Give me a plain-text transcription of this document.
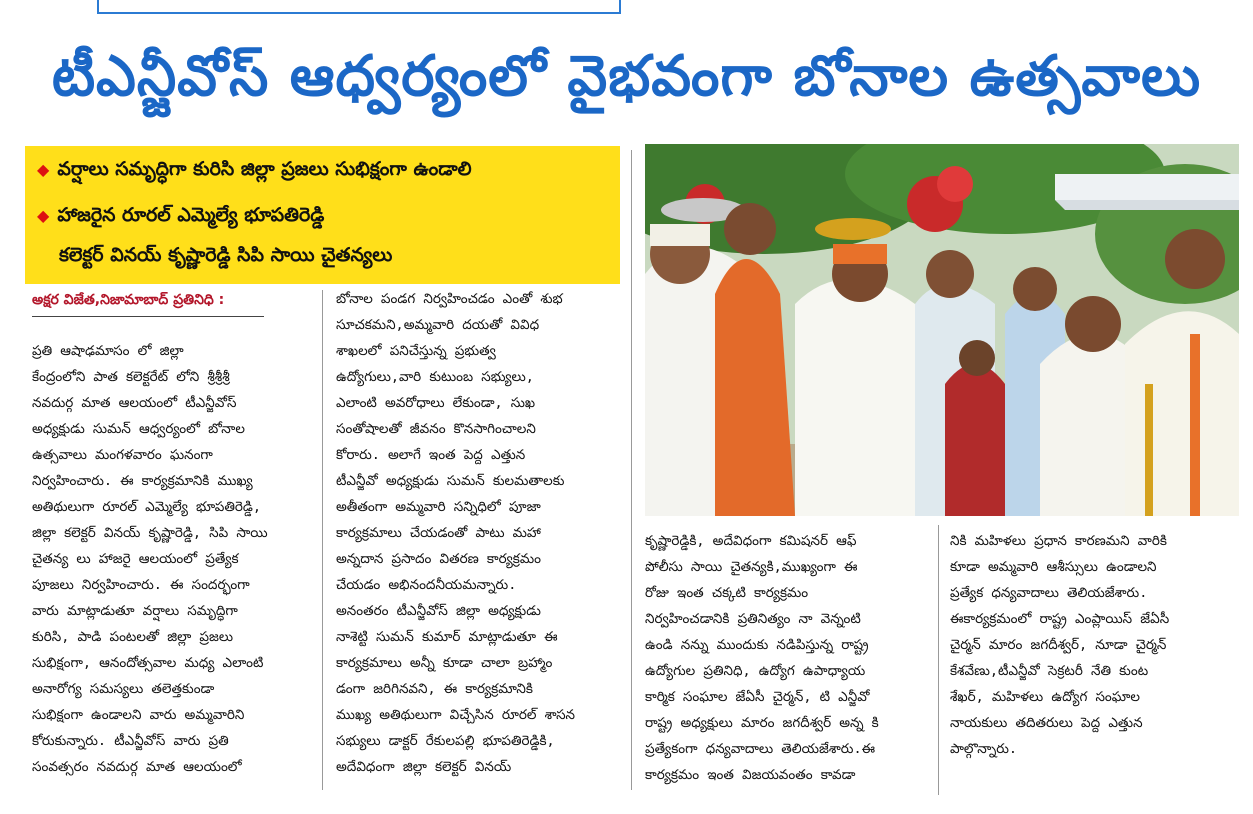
టీఎన్జీవోస్ ఆధ్వర్యంలో వైభవంగా బోనాల ఉత్సవాలు
◆ వర్షాలు సమృద్ధిగా కురిసి జిల్లా ప్రజలు సుభిక్షంగా ఉండాలి
◆ హాజరైన రూరల్ ఎమ్మెల్యే భూపతిరెడ్డి
కలెక్టర్ వినయ్ కృష్ణారెడ్డి సిపి సాయి చైతన్యలు
అక్షర విజేత,నిజామాబాద్ ప్రతినిధి :
ప్రతి ఆషాఢమాసం లో జిల్లా
కేంద్రంలోని పాత కలెక్టరేట్ లోని శ్రీశ్రీశ్రీ
నవదుర్గ మాత ఆలయంలో టీఎన్జీవోస్
అధ్యక్షుడు సుమన్ ఆధ్వర్యంలో బోనాల
ఉత్సవాలు మంగళవారం ఘనంగా
నిర్వహించారు. ఈ కార్యక్రమానికి ముఖ్య
అతిథులుగా రూరల్ ఎమ్మెల్యే భూపతిరెడ్డి,
జిల్లా కలెక్టర్ వినయ్ కృష్ణారెడ్డి, సిపి సాయి
చైతన్య లు హాజరై ఆలయంలో ప్రత్యేక
పూజలు నిర్వహించారు. ఈ సందర్భంగా
వారు మాట్లాడుతూ వర్షాలు సమృద్ధిగా
కురిసి, పాడి పంటలతో జిల్లా ప్రజలు
సుభిక్షంగా, ఆనందోత్సవాల మధ్య ఎలాంటి
అనారోగ్య సమస్యలు తలెత్తకుండా
సుభిక్షంగా ఉండాలని వారు అమ్మవారిని
కోరుకున్నారు. టీఎన్జీవోస్ వారు ప్రతి
సంవత్సరం నవదుర్గ మాత ఆలయంలో
బోనాల పండగ నిర్వహించడం ఎంతో శుభ
సూచకమని,అమ్మవారి దయతో వివిధ
శాఖలలో పనిచేస్తున్న ప్రభుత్వ
ఉద్యోగులు,వారి కుటుంబ సభ్యులు,
ఎలాంటి అవరోధాలు లేకుండా, సుఖ
సంతోషాలతో జీవనం కొనసాగించాలని
కోరారు. అలాగే ఇంత పెద్ద ఎత్తున
టీఎన్జీవో అధ్యక్షుడు సుమన్ కులమతాలకు
అతీతంగా అమ్మవారి సన్నిధిలో పూజా
కార్యక్రమాలు చేయడంతో పాటు మహా
అన్నదాన ప్రసాదం వితరణ కార్యక్రమం
చేయడం అభినందనీయమన్నారు.
అనంతరం టీఎన్జీవోస్ జిల్లా అధ్యక్షుడు
నాశెట్టి సుమన్ కుమార్ మాట్లాడుతూ ఈ
కార్యక్రమాలు అన్నీ కూడా చాలా బ్రహ్మాం
డంగా జరిగినవని, ఈ కార్యక్రమానికి
ముఖ్య అతిథులుగా విచ్చేసిన రూరల్ శాసన
సభ్యులు డాక్టర్ రేకులపల్లి భూపతిరెడ్డికి,
అదేవిధంగా జిల్లా కలెక్టర్ వినయ్
కృష్ణారెడ్డికి, అదేవిధంగా కమిషనర్ ఆఫ్
పోలీసు సాయి చైతన్యకి,ముఖ్యంగా ఈ
రోజు ఇంత చక్కటి కార్యక్రమం
నిర్వహించడానికి ప్రతినిత్యం నా వెన్నంటి
ఉండి నన్ను ముందుకు నడిపిస్తున్న రాష్ట్ర
ఉద్యోగుల ప్రతినిధి, ఉద్యోగ ఉపాధ్యాయ
కార్మిక సంఘాల జేఏసీ చైర్మన్, టి ఎన్జీవో
రాష్ట్ర అధ్యక్షులు మారం జగదీశ్వర్ అన్న కి
ప్రత్యేకంగా ధన్యవాదాలు తెలియజేశారు.ఈ
కార్యక్రమం ఇంత విజయవంతం కావడా
నికి మహిళలు ప్రధాన కారణమని వారికి
కూడా అమ్మవారి ఆశీస్సులు ఉండాలని
ప్రత్యేక ధన్యవాదాలు తెలియజేశారు.
ఈకార్యక్రమంలో రాష్ట్ర ఎంప్లాయిస్ జేఏసీ
చైర్మన్ మారం జగదీశ్వర్, నూడా చైర్మన్
కేశవేణు,టీఎన్జీవో సెక్రటరీ నేతి కుంట
శేఖర్, మహిళలు ఉద్యోగ సంఘాల
నాయకులు తదితరులు పెద్ద ఎత్తున
పాల్గొన్నారు.
